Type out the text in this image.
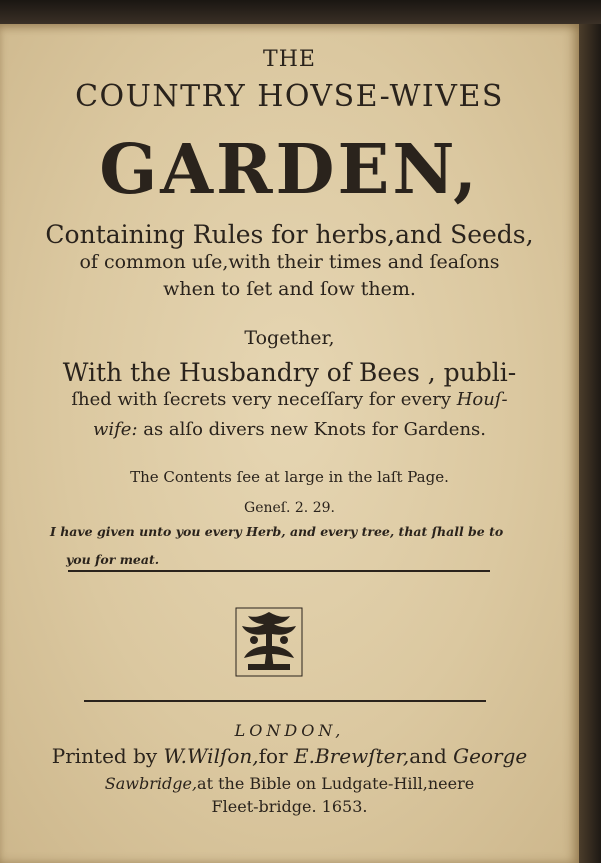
THE
COUNTRY HOVSE-WIVES
GARDEN,
Containing Rules for herbs,and Seeds,
of common uſe,with their times and ſeaſons
when to ſet and ſow them.
Together,
With the Husbandry of Bees , publi-
ſhed with ſecrets very neceſſary for every Houſ-
wife: as alſo divers new Knots for Gardens.
The Contents ſee at large in the laſt Page.
Geneſ. 2. 29.
I have given unto you every Herb, and every tree, that ſhall be to
you for meat.
LONDON,
Printed by W.Wilſon,for E.Brewſter,and George
Sawbridge,at the Bible on Ludgate-Hill,neere
Fleet-bridge. 1653.
